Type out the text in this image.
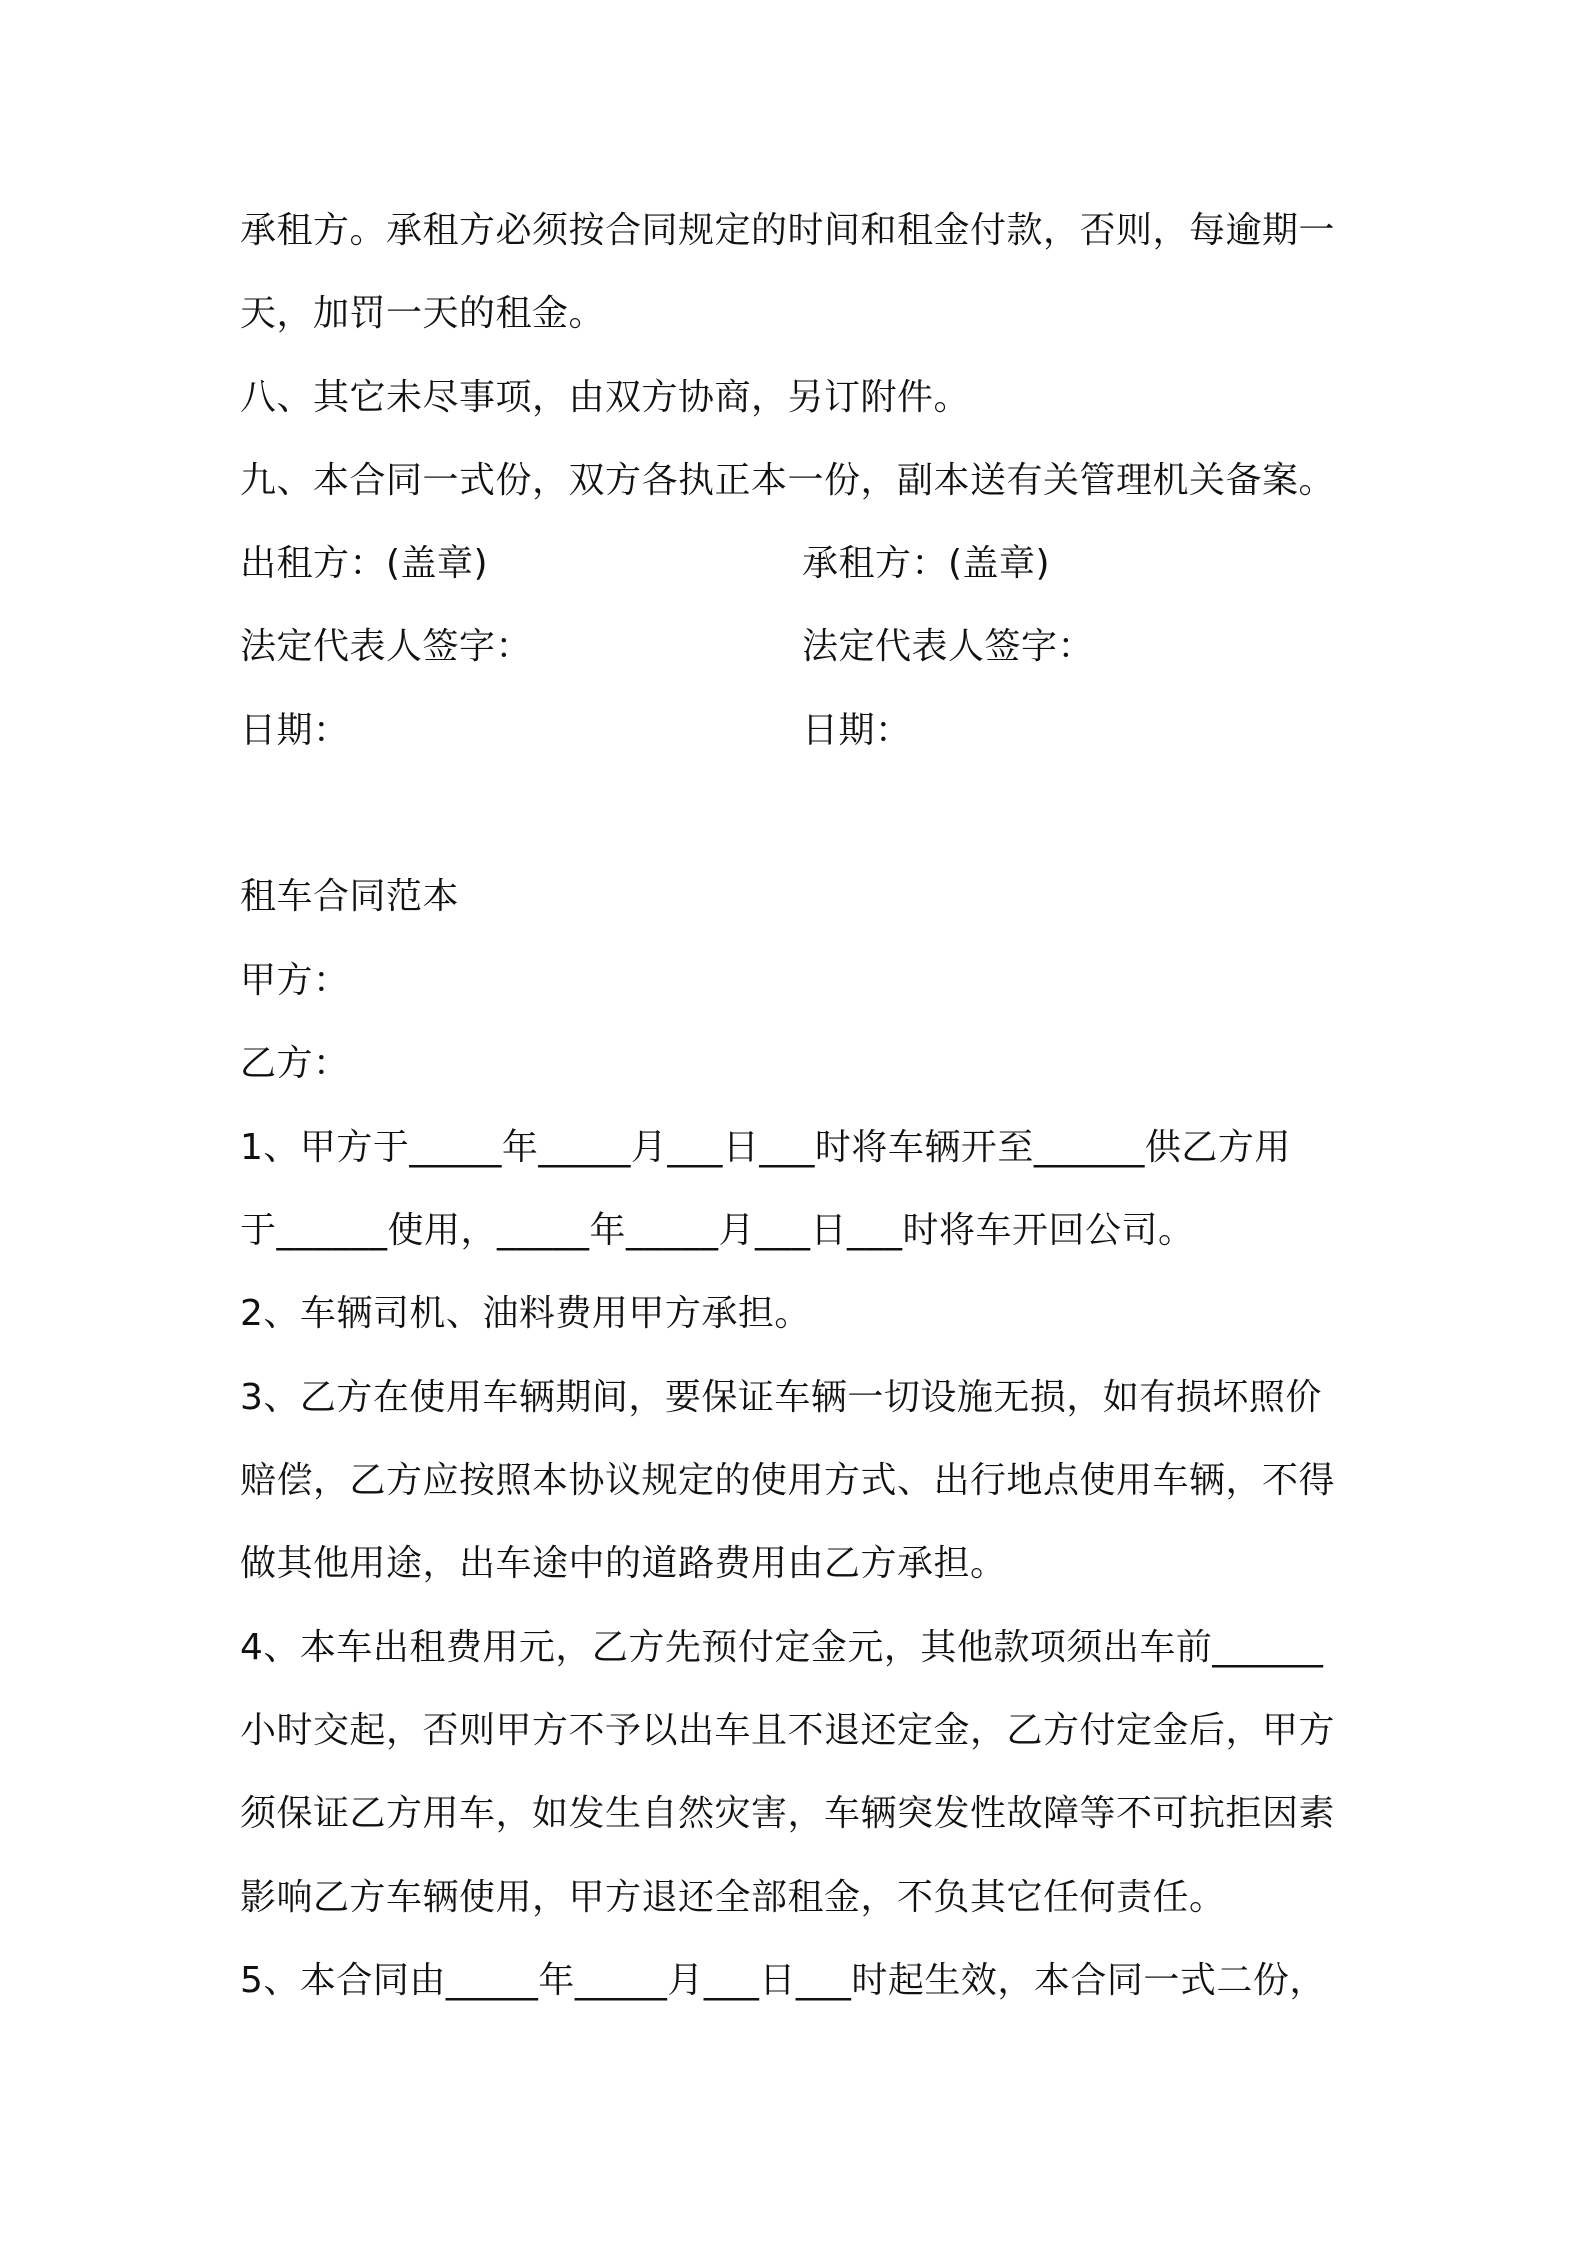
承租方。承租方必须按合同规定的时间和租金付款，否则，每逾期一
天，加罚一天的租金。
八、其它未尽事项，由双方协商，另订附件。
九、本合同一式份，双方各执正本一份，副本送有关管理机关备案。
出租方：(盖章)	承租方：(盖章)
法定代表人签字：	法定代表人签字：
日期：	日期：
租车合同范本
甲方：
乙方：
1、甲方于_____年_____月___日___时将车辆开至______供乙方用
于______使用，_____年_____月___日___时将车开回公司。
2、车辆司机、油料费用甲方承担。
3、乙方在使用车辆期间，要保证车辆一切设施无损，如有损坏照价
赔偿，乙方应按照本协议规定的使用方式、出行地点使用车辆，不得
做其他用途，出车途中的道路费用由乙方承担。
4、本车出租费用元，乙方先预付定金元，其他款项须出车前______
小时交起，否则甲方不予以出车且不退还定金，乙方付定金后，甲方
须保证乙方用车，如发生自然灾害，车辆突发性故障等不可抗拒因素
影响乙方车辆使用，甲方退还全部租金，不负其它任何责任。
5、本合同由_____年_____月___日___时起生效，本合同一式二份，
